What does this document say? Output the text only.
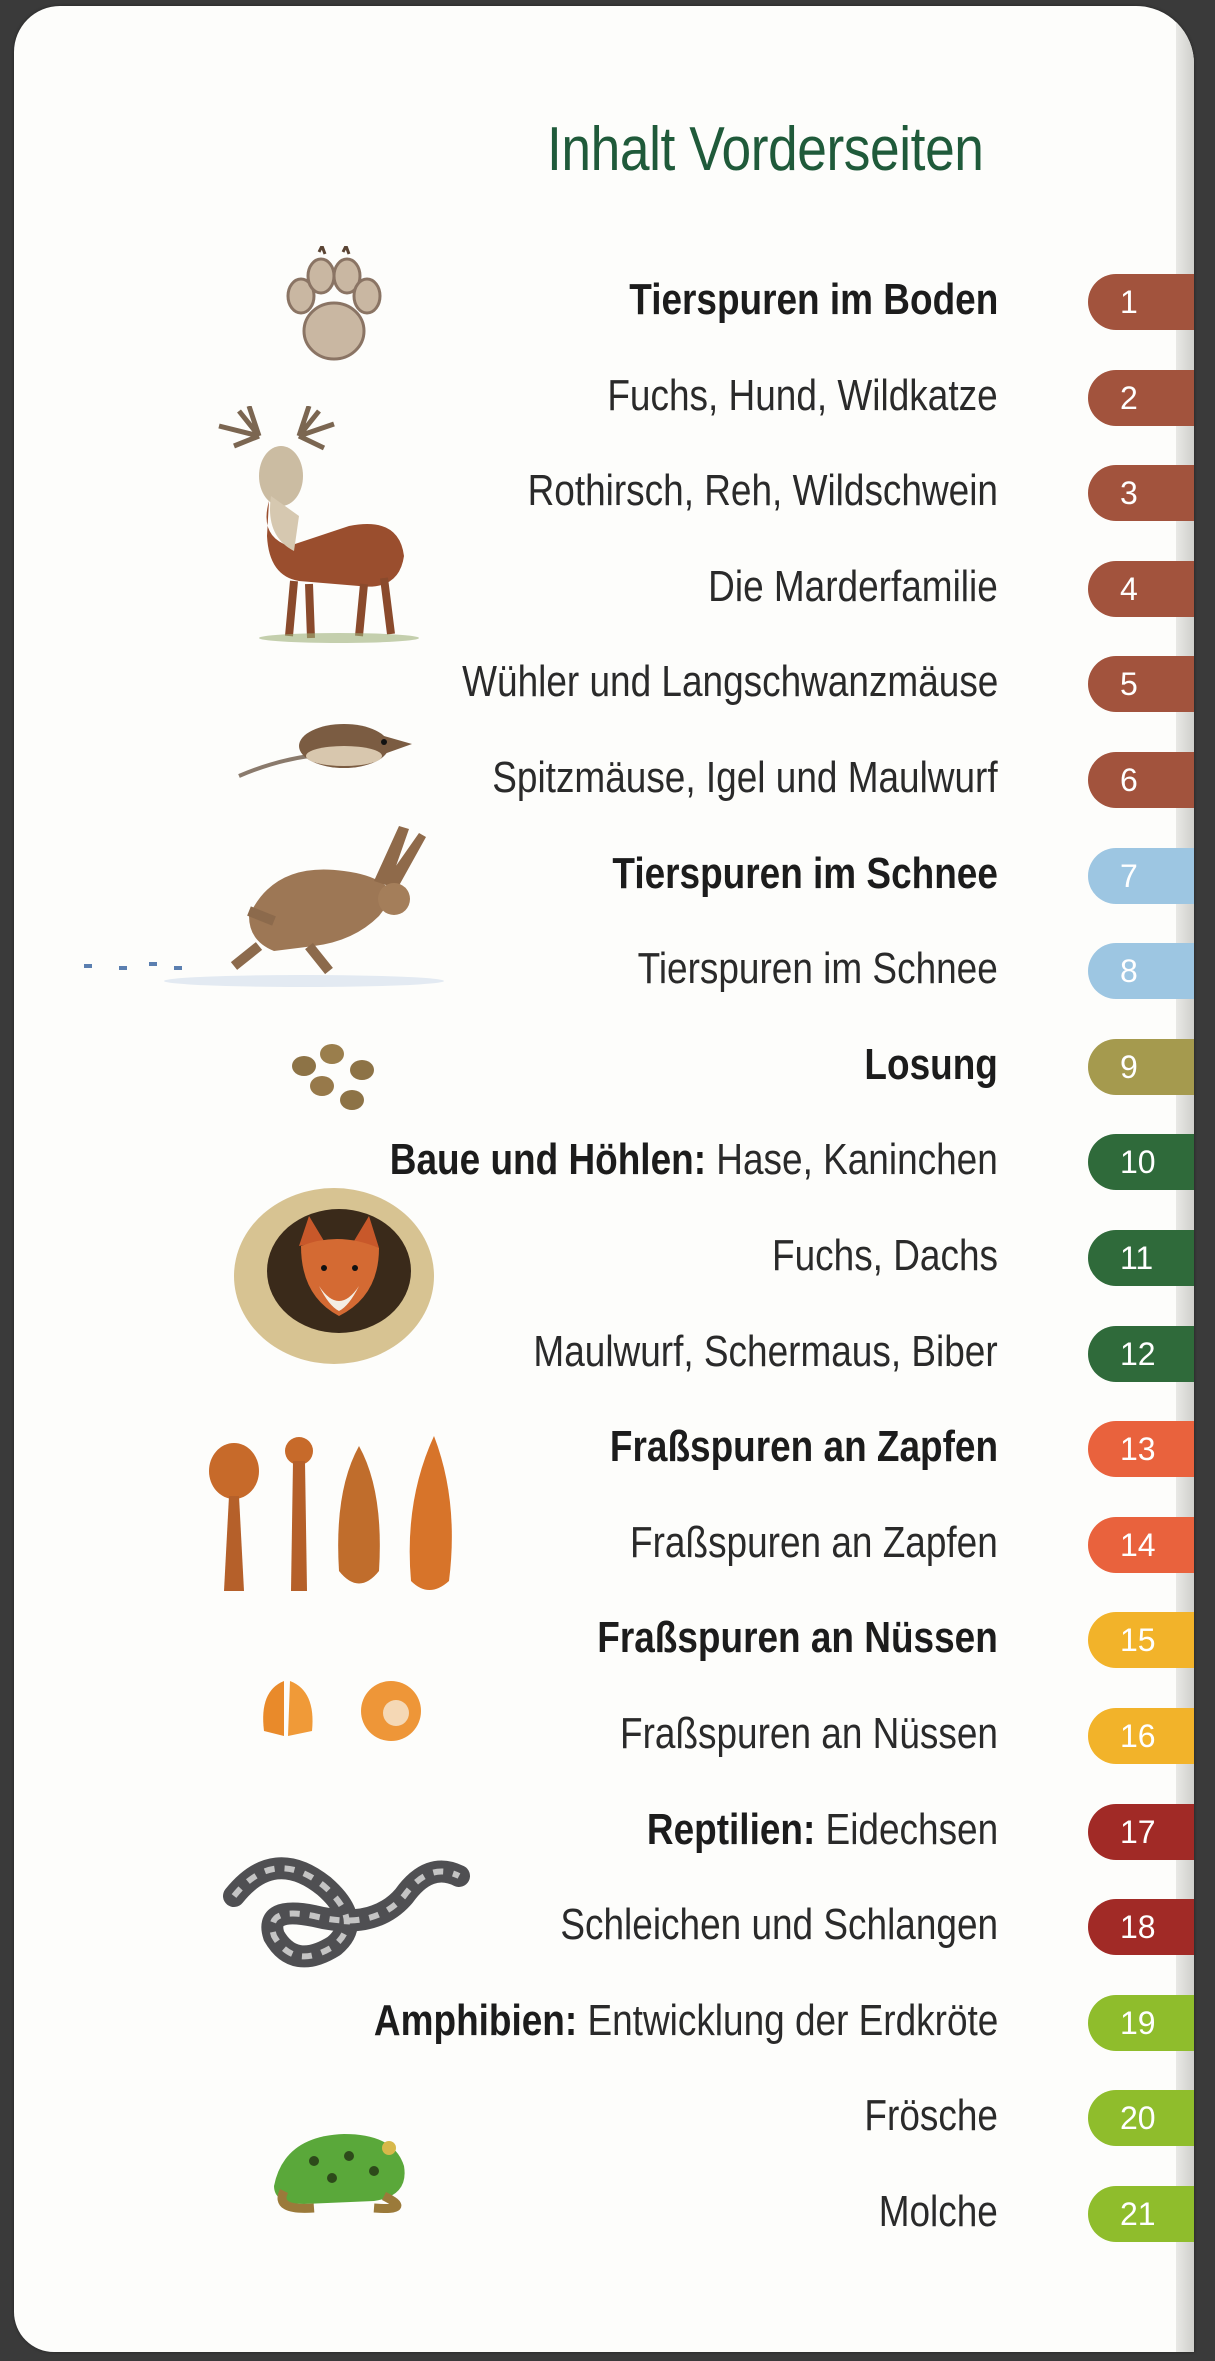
Inhalt Vorderseiten
Tierspuren im Boden	1
Fuchs, Hund, Wildkatze	2
Rothirsch, Reh, Wildschwein	3
Die Marderfamilie	4
Wühler und Langschwanzmäuse	5
Spitzmäuse, Igel und Maulwurf	6
Tierspuren im Schnee	7
Tierspuren im Schnee	8
Losung	9
Baue und Höhlen: Hase, Kaninchen	10
Fuchs, Dachs	11
Maulwurf, Schermaus, Biber	12
Fraßspuren an Zapfen	13
Fraßspuren an Zapfen	14
Fraßspuren an Nüssen	15
Fraßspuren an Nüssen	16
Reptilien: Eidechsen	17
Schleichen und Schlangen	18
Amphibien: Entwicklung der Erdkröte	19
Frösche	20
Molche	21
